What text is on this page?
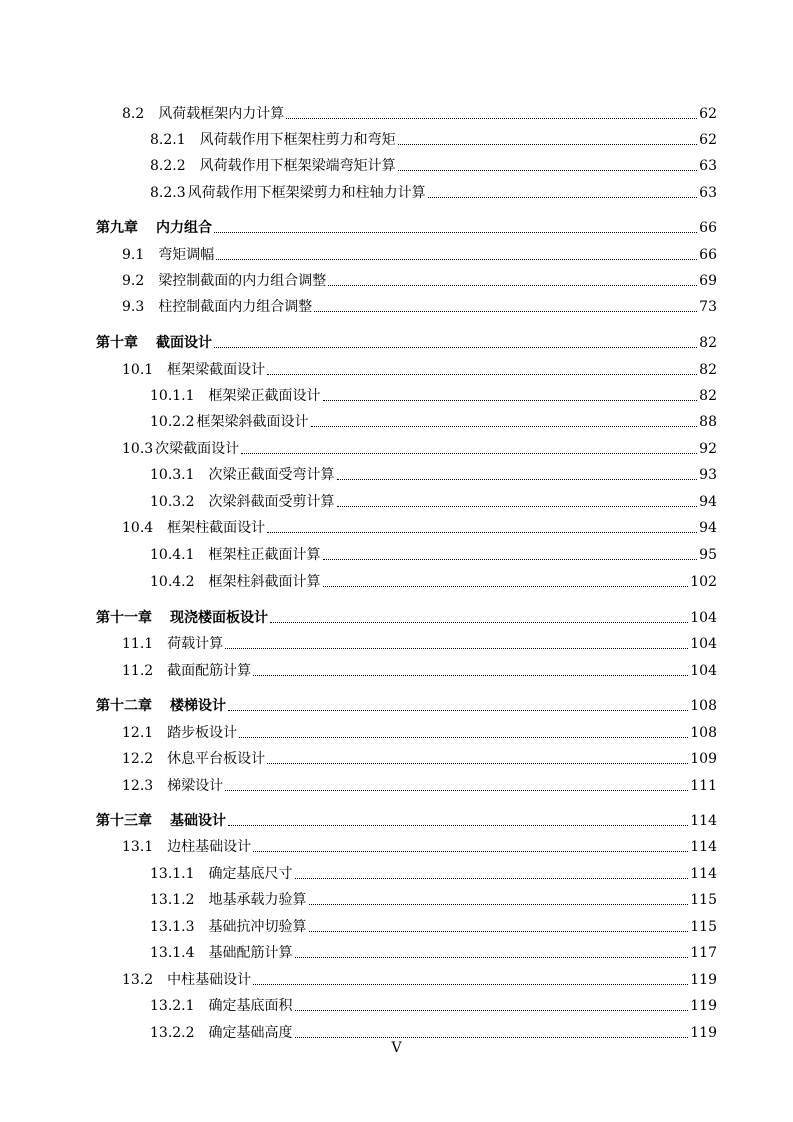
8.2 风荷载框架内力计算	62
8.2.1 风荷载作用下框架柱剪力和弯矩	62
8.2.2 风荷载作用下框架梁端弯矩计算	63
8.2.3 风荷载作用下框架梁剪力和柱轴力计算	63
第九章 内力组合	66
9.1 弯矩调幅	66
9.2 梁控制截面的内力组合调整	69
9.3 柱控制截面内力组合调整	73
第十章 截面设计	82
10.1 框架梁截面设计	82
10.1.1 框架梁正截面设计	82
10.2.2 框架梁斜截面设计	88
10.3 次梁截面设计	92
10.3.1 次梁正截面受弯计算	93
10.3.2 次梁斜截面受剪计算	94
10.4 框架柱截面设计	94
10.4.1 框架柱正截面计算	95
10.4.2 框架柱斜截面计算	102
第十一章 现浇楼面板设计	104
11.1 荷载计算	104
11.2 截面配筋计算	104
第十二章 楼梯设计	108
12.1 踏步板设计	108
12.2 休息平台板设计	109
12.3 梯梁设计	111
第十三章 基础设计	114
13.1 边柱基础设计	114
13.1.1 确定基底尺寸	114
13.1.2 地基承载力验算	115
13.1.3 基础抗冲切验算	115
13.1.4 基础配筋计算	117
13.2 中柱基础设计	119
13.2.1 确定基底面积	119
13.2.2 确定基础高度	119
V
